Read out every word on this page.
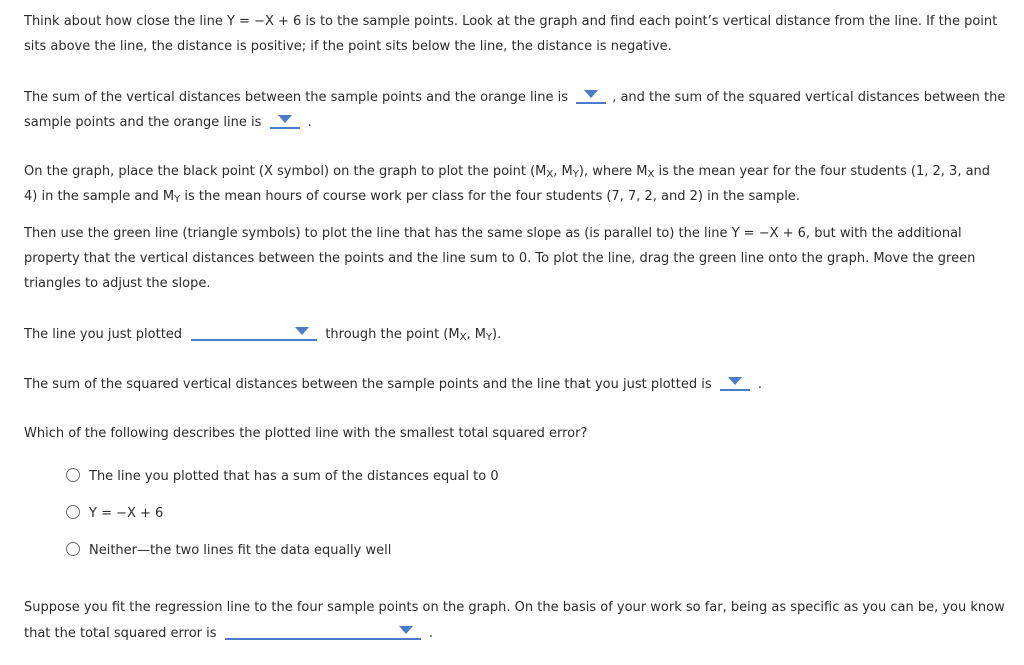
Think about how close the line Y = −X + 6 is to the sample points. Look at the graph and find each point’s vertical distance from the line. If the point
sits above the line, the distance is positive; if the point sits below the line, the distance is negative.
The sum of the vertical distances between the sample points and the orange line is	, and the sum of the squared vertical distances between the
sample points and the orange line is	.
On the graph, place the black point (X symbol) on the graph to plot the point ($M_X$, $M_Y$), where $M_X$ is the mean year for the four students (1, 2, 3, and
4) in the sample and $M_Y$ is the mean hours of course work per class for the four students (7, 7, 2, and 2) in the sample.
Then use the green line (triangle symbols) to plot the line that has the same slope as (is parallel to) the line Y = −X + 6, but with the additional
property that the vertical distances between the points and the line sum to 0. To plot the line, drag the green line onto the graph. Move the green
triangles to adjust the slope.
The line you just plotted	through the point ($M_X$, $M_Y$).
The sum of the squared vertical distances between the sample points and the line that you just plotted is	.
Which of the following describes the plotted line with the smallest total squared error?
The line you plotted that has a sum of the distances equal to 0
Y = −X + 6
Neither—the two lines fit the data equally well
Suppose you fit the regression line to the four sample points on the graph. On the basis of your work so far, being as specific as you can be, you know
that the total squared error is	.
